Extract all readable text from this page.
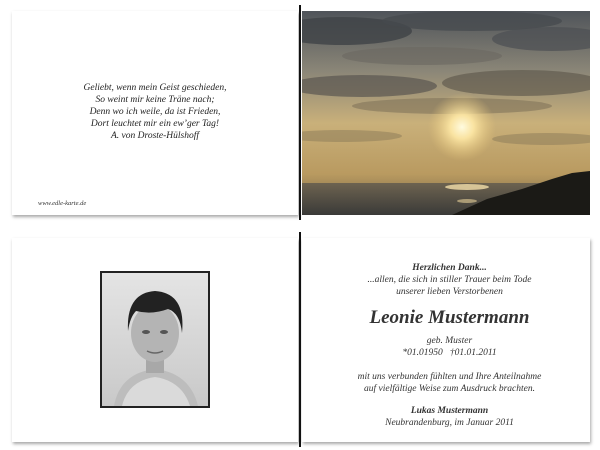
Geliebt, wenn mein Geist geschieden,
So weint mir keine Träne nach;
Denn wo ich weile, da ist Frieden,
Dort leuchtet mir ein ew’ger Tag!
A. von Droste-Hülshoff
www.edle-karte.de
Herzlichen Dank...
...allen, die sich in stiller Trauer beim Tode
unserer lieben Verstorbenen
Leonie Mustermann
geb. Muster
*01.01950   †01.01.2011
mit uns verbunden fühlten und Ihre Anteilnahme
auf vielfältige Weise zum Ausdruck brachten.
Lukas Mustermann
Neubrandenburg, im Januar 2011
